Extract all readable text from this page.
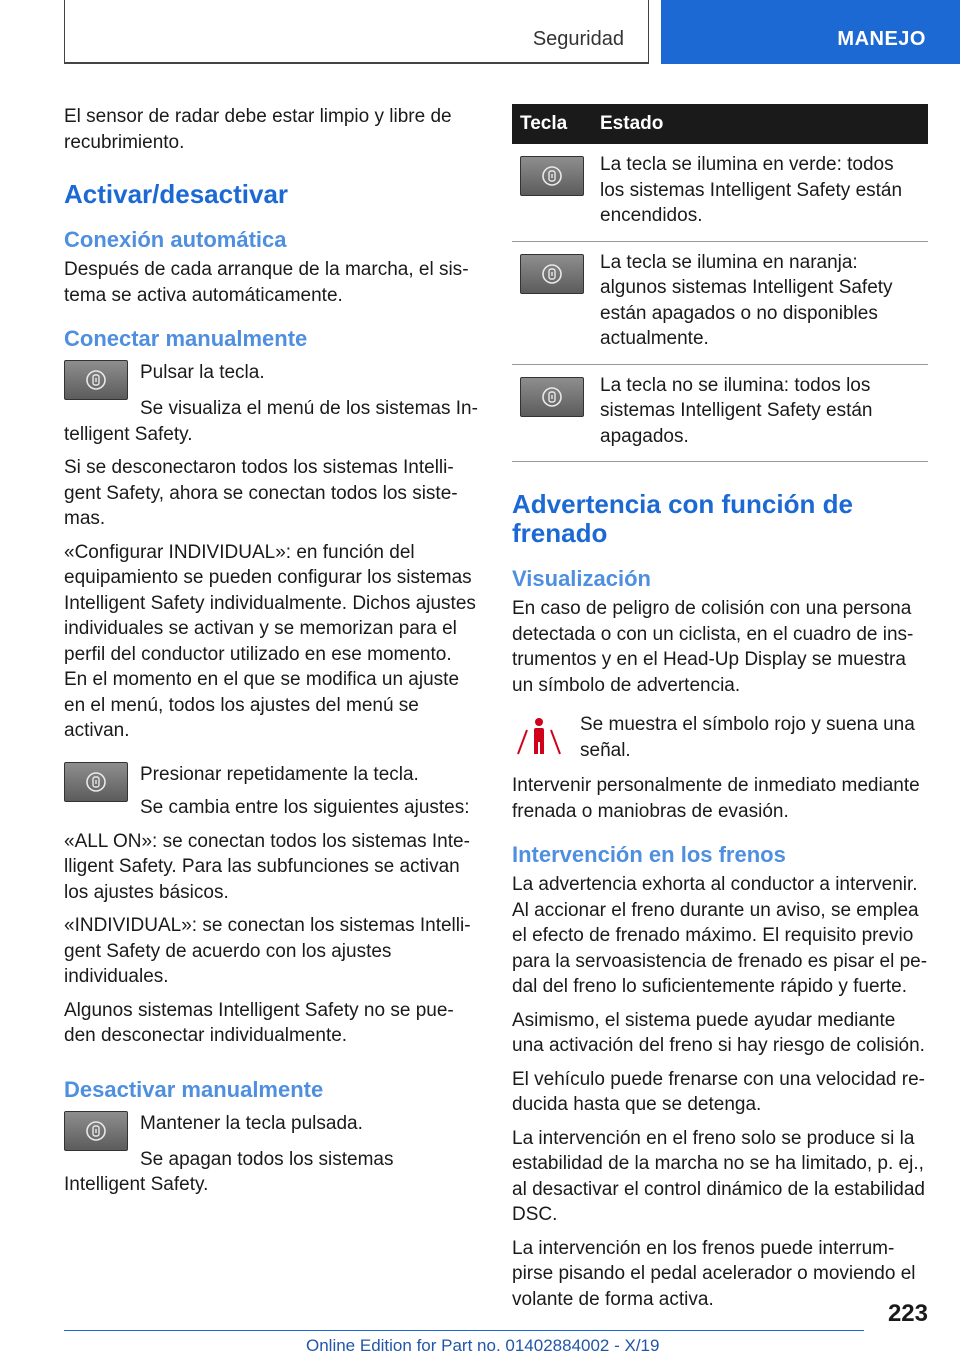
Seguridad	MANEJO

El sensor de radar debe estar limpio y libre de recubrimiento.

Activar/desactivar
Conexión automática

Después de cada arranque de la marcha, el sistema se activa automáticamente.

Conectar manualmente

Pulsar la tecla.

Se visualiza el menú de los sistemas Intelligent Safety.

Si se desconectaron todos los sistemas Intelligent Safety, ahora se conectan todos los sistemas.

«Configurar INDIVIDUAL»: en función del equipamiento se pueden configurar los sistemas Intelligent Safety individualmente. Dichos ajustes individuales se activan y se memorizan para el perfil del conductor utilizado en ese momento. En el momento en el que se modifica un ajuste en el menú, todos los ajustes del menú se activan.

Presionar repetidamente la tecla.

Se cambia entre los siguientes ajustes:

«ALL ON»: se conectan todos los sistemas Intelligent Safety. Para las subfunciones se activan los ajustes básicos.

«INDIVIDUAL»: se conectan los sistemas Intelligent Safety de acuerdo con los ajustes individuales.

Algunos sistemas Intelligent Safety no se pueden desconectar individualmente.

Desactivar manualmente

Mantener la tecla pulsada.

Se apagan todos los sistemas Intelligent Safety.

Tecla	Estado

	La tecla se ilumina en verde: todos los sistemas Intelligent Safety están encendidos.

	La tecla se ilumina en naranja: algunos sistemas Intelligent Safety están apagados o no disponibles actualmente.

	La tecla no se ilumina: todos los sistemas Intelligent Safety están apagados.
Advertencia con función de frenado
Visualización

En caso de peligro de colisión con una persona detectada o con un ciclista, en el cuadro de instrumentos y en el Head-Up Display se muestra un símbolo de advertencia.

Se muestra el símbolo rojo y suena una señal.

Intervenir personalmente de inmediato mediante frenada o maniobras de evasión.

Intervención en los frenos

La advertencia exhorta al conductor a intervenir. Al accionar el freno durante un aviso, se emplea el efecto de frenado máximo. El requisito previo para la servoasistencia de frenado es pisar el pedal del freno lo suficientemente rápido y fuerte.

Asimismo, el sistema puede ayudar mediante una activación del freno si hay riesgo de colisión.

El vehículo puede frenarse con una velocidad reducida hasta que se detenga.

La intervención en el freno solo se produce si la estabilidad de la marcha no se ha limitado, p. ej., al desactivar el control dinámico de la estabilidad DSC.

La intervención en los frenos puede interrumpirse pisando el pedal acelerador o moviendo el volante de forma activa.

223
Online Edition for Part no. 01402884002 - X/19
